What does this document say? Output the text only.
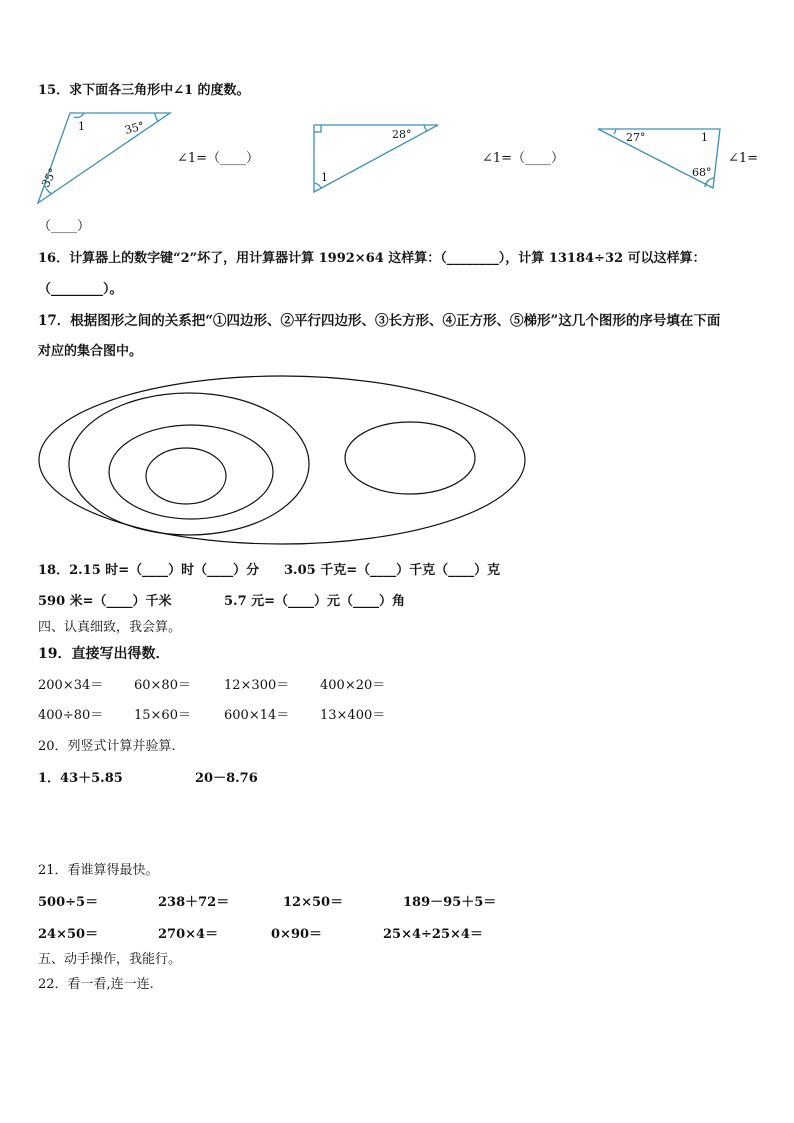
15．求下面各三角形中∠1 的度数。
1	35°
35°
28°
1
27°	1
68°
∠1=（____）	∠1=（____）	∠1=
（____）
16．计算器上的数字键“2”坏了，用计算器计算 1992×64 这样算：（________），计算 13184÷32 可以这样算：
（________）。
17．根据图形之间的关系把“①四边形、②平行四边形、③长方形、④正方形、⑤梯形”这几个图形的序号填在下面
对应的集合图中。
18．2.15 时=（____）时（____）分 3.05 千克=（____）千克（____）克
590 米=（____）千米	5.7 元=（____）元（____）角
四、认真细致，我会算。
19．直接写出得数．
200×34＝ 60×80＝	12×300＝ 400×20＝
400÷80＝ 15×60＝	600×14＝ 13×400＝
20．列竖式计算并验算.
1．43＋5.85	20－8.76
21．看谁算得最快。
500÷5＝	238＋72＝	12×50＝	189－95＋5＝
24×50＝	270×4＝	0×90＝	25×4÷25×4＝
五、动手操作，我能行。
22．看一看,连一连.
